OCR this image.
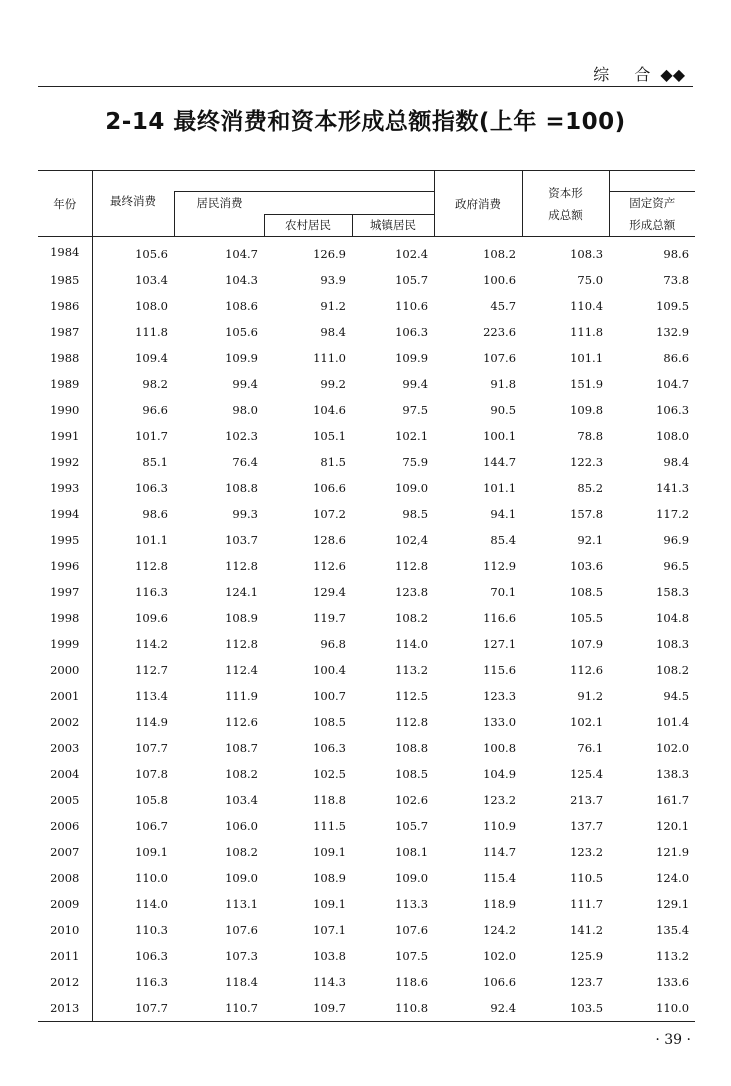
综 合◆◆
2-14 最终消费和资本形成总额指数(上年 =100)
年份	最终消费				政府消费	资本形
成总额	
		居民消费					固定资产
形成总额
			农村居民	城镇居民			
1984	105.6	104.7	126.9	102.4	108.2	108.3	98.6
1985	103.4	104.3	93.9	105.7	100.6	75.0	73.8
1986	108.0	108.6	91.2	110.6	45.7	110.4	109.5
1987	111.8	105.6	98.4	106.3	223.6	111.8	132.9
1988	109.4	109.9	111.0	109.9	107.6	101.1	86.6
1989	98.2	99.4	99.2	99.4	91.8	151.9	104.7
1990	96.6	98.0	104.6	97.5	90.5	109.8	106.3
1991	101.7	102.3	105.1	102.1	100.1	78.8	108.0
1992	85.1	76.4	81.5	75.9	144.7	122.3	98.4
1993	106.3	108.8	106.6	109.0	101.1	85.2	141.3
1994	98.6	99.3	107.2	98.5	94.1	157.8	117.2
1995	101.1	103.7	128.6	102,4	85.4	92.1	96.9
1996	112.8	112.8	112.6	112.8	112.9	103.6	96.5
1997	116.3	124.1	129.4	123.8	70.1	108.5	158.3
1998	109.6	108.9	119.7	108.2	116.6	105.5	104.8
1999	114.2	112.8	96.8	114.0	127.1	107.9	108.3
2000	112.7	112.4	100.4	113.2	115.6	112.6	108.2
2001	113.4	111.9	100.7	112.5	123.3	91.2	94.5
2002	114.9	112.6	108.5	112.8	133.0	102.1	101.4
2003	107.7	108.7	106.3	108.8	100.8	76.1	102.0
2004	107.8	108.2	102.5	108.5	104.9	125.4	138.3
2005	105.8	103.4	118.8	102.6	123.2	213.7	161.7
2006	106.7	106.0	111.5	105.7	110.9	137.7	120.1
2007	109.1	108.2	109.1	108.1	114.7	123.2	121.9
2008	110.0	109.0	108.9	109.0	115.4	110.5	124.0
2009	114.0	113.1	109.1	113.3	118.9	111.7	129.1
2010	110.3	107.6	107.1	107.6	124.2	141.2	135.4
2011	106.3	107.3	103.8	107.5	102.0	125.9	113.2
2012	116.3	118.4	114.3	118.6	106.6	123.7	133.6
2013	107.7	110.7	109.7	110.8	92.4	103.5	110.0
· 39 ·
